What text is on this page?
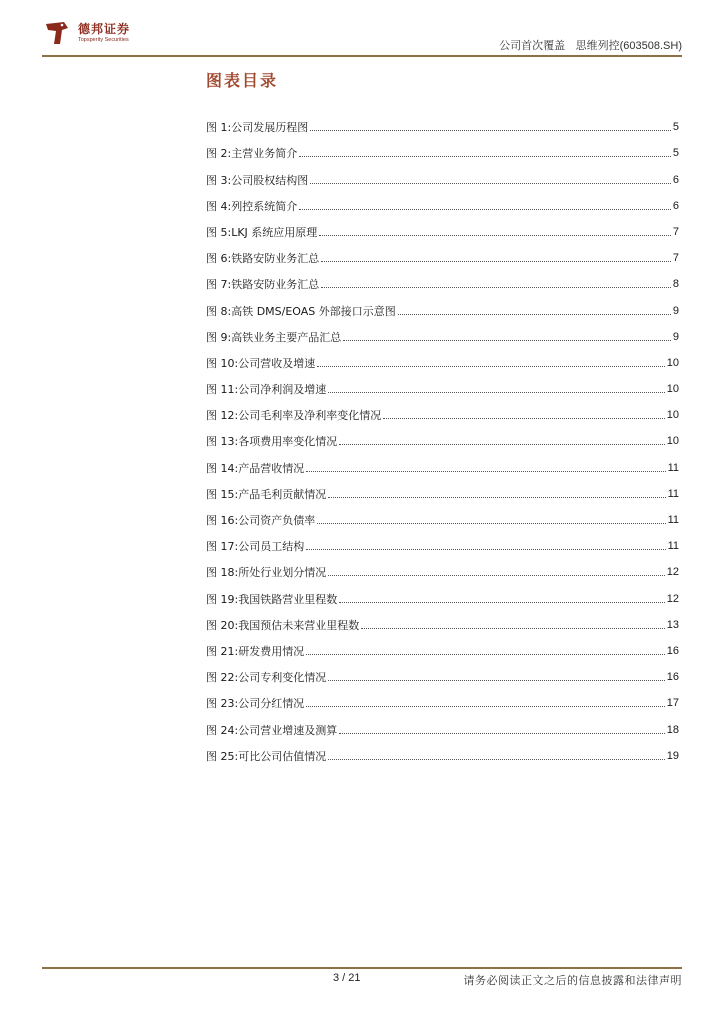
德邦证券
Topsperity Securities	公司首次覆盖 思维列控(603508.SH)
图表目录
图 1:公司发展历程图	5
图 2:主营业务简介	5
图 3:公司股权结构图	6
图 4:列控系统简介	6
图 5:LKJ 系统应用原理	7
图 6:铁路安防业务汇总	7
图 7:铁路安防业务汇总	8
图 8:高铁 DMS/EOAS 外部接口示意图	9
图 9:高铁业务主要产品汇总	9
图 10:公司营收及增速	10
图 11:公司净利润及增速	10
图 12:公司毛利率及净利率变化情况	10
图 13:各项费用率变化情况	10
图 14:产品营收情况	11
图 15:产品毛利贡献情况	11
图 16:公司资产负债率	11
图 17:公司员工结构	11
图 18:所处行业划分情况	12
图 19:我国铁路营业里程数	12
图 20:我国预估未来营业里程数	13
图 21:研发费用情况	16
图 22:公司专利变化情况	16
图 23:公司分红情况	17
图 24:公司营业增速及测算	18
图 25:可比公司估值情况	19
3 / 21	请务必阅读正文之后的信息披露和法律声明
